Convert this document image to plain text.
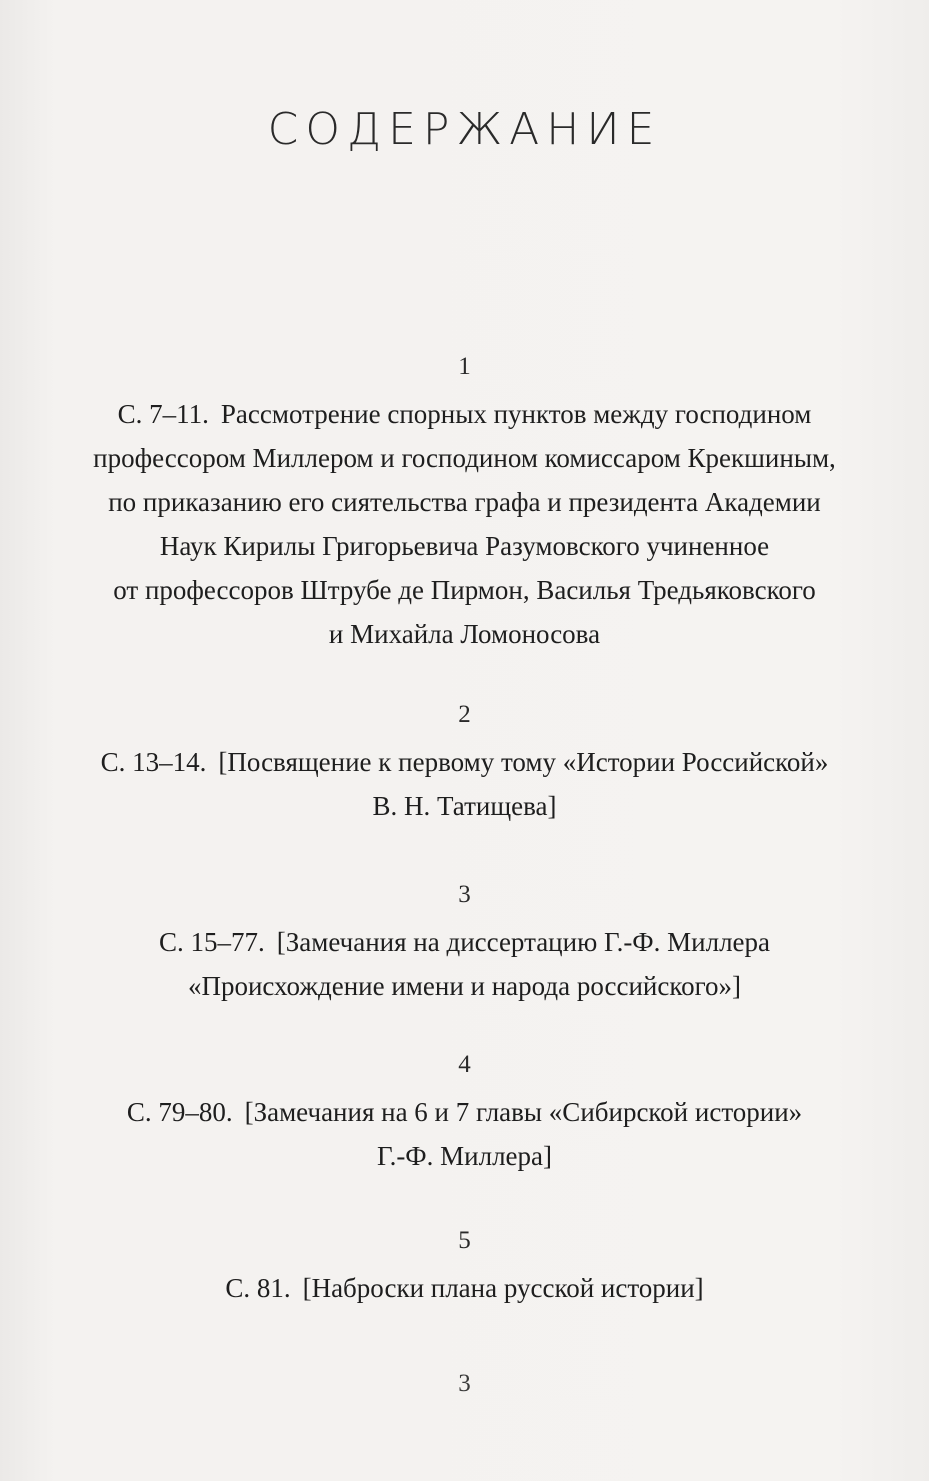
СОДЕРЖАНИЕ
1
С. 7–11. Рассмотрение спорных пунктов между господином
профессором Миллером и господином комиссаром Крекшиным,
по приказанию его сиятельства графа и президента Академии
Наук Кирилы Григорьевича Разумовского учиненное
от профессоров Штрубе де Пирмон, Василья Тредьяковского
и Михайла Ломоносова
2
С. 13–14. [Посвящение к первому тому «Истории Российской»
В. Н. Татищева]
3
С. 15–77. [Замечания на диссертацию Г.-Ф. Миллера
«Происхождение имени и народа российского»]
4
С. 79–80. [Замечания на 6 и 7 главы «Сибирской истории»
Г.-Ф. Миллера]
5
С. 81. [Наброски плана русской истории]
3
